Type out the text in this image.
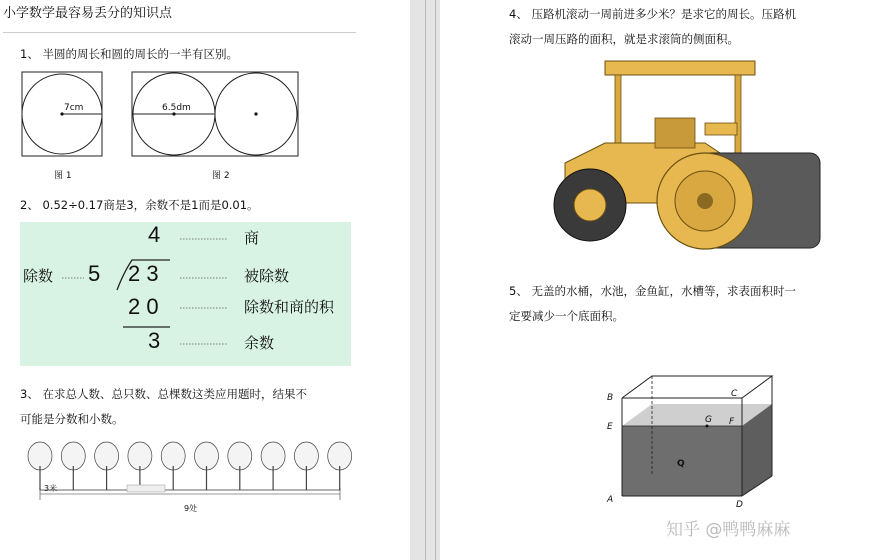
小学数学最容易丢分的知识点
1、 半圆的周长和圆的周长的一半有区别。
7cm	6.5dm
图 1	图 2
2、 0.52÷0.17商是3，余数不是1而是0.01。
4
5 2 3
2 0
3
除数
商
被除数
除数和商的积
余数
3、 在求总人数、总只数、总棵数这类应用题时，结果不
可能是分数和小数。
3米
9处
4、 压路机滚动一周前进多少米？是求它的周长。压路机
滚动一周压路的面积，就是求滚筒的侧面积。
5、 无盖的水桶，水池，金鱼缸，水槽等，求表面积时一
定要减少一个底面积。
B	C
E
G F
Q
A	D
知乎 @鸭鸭麻麻
